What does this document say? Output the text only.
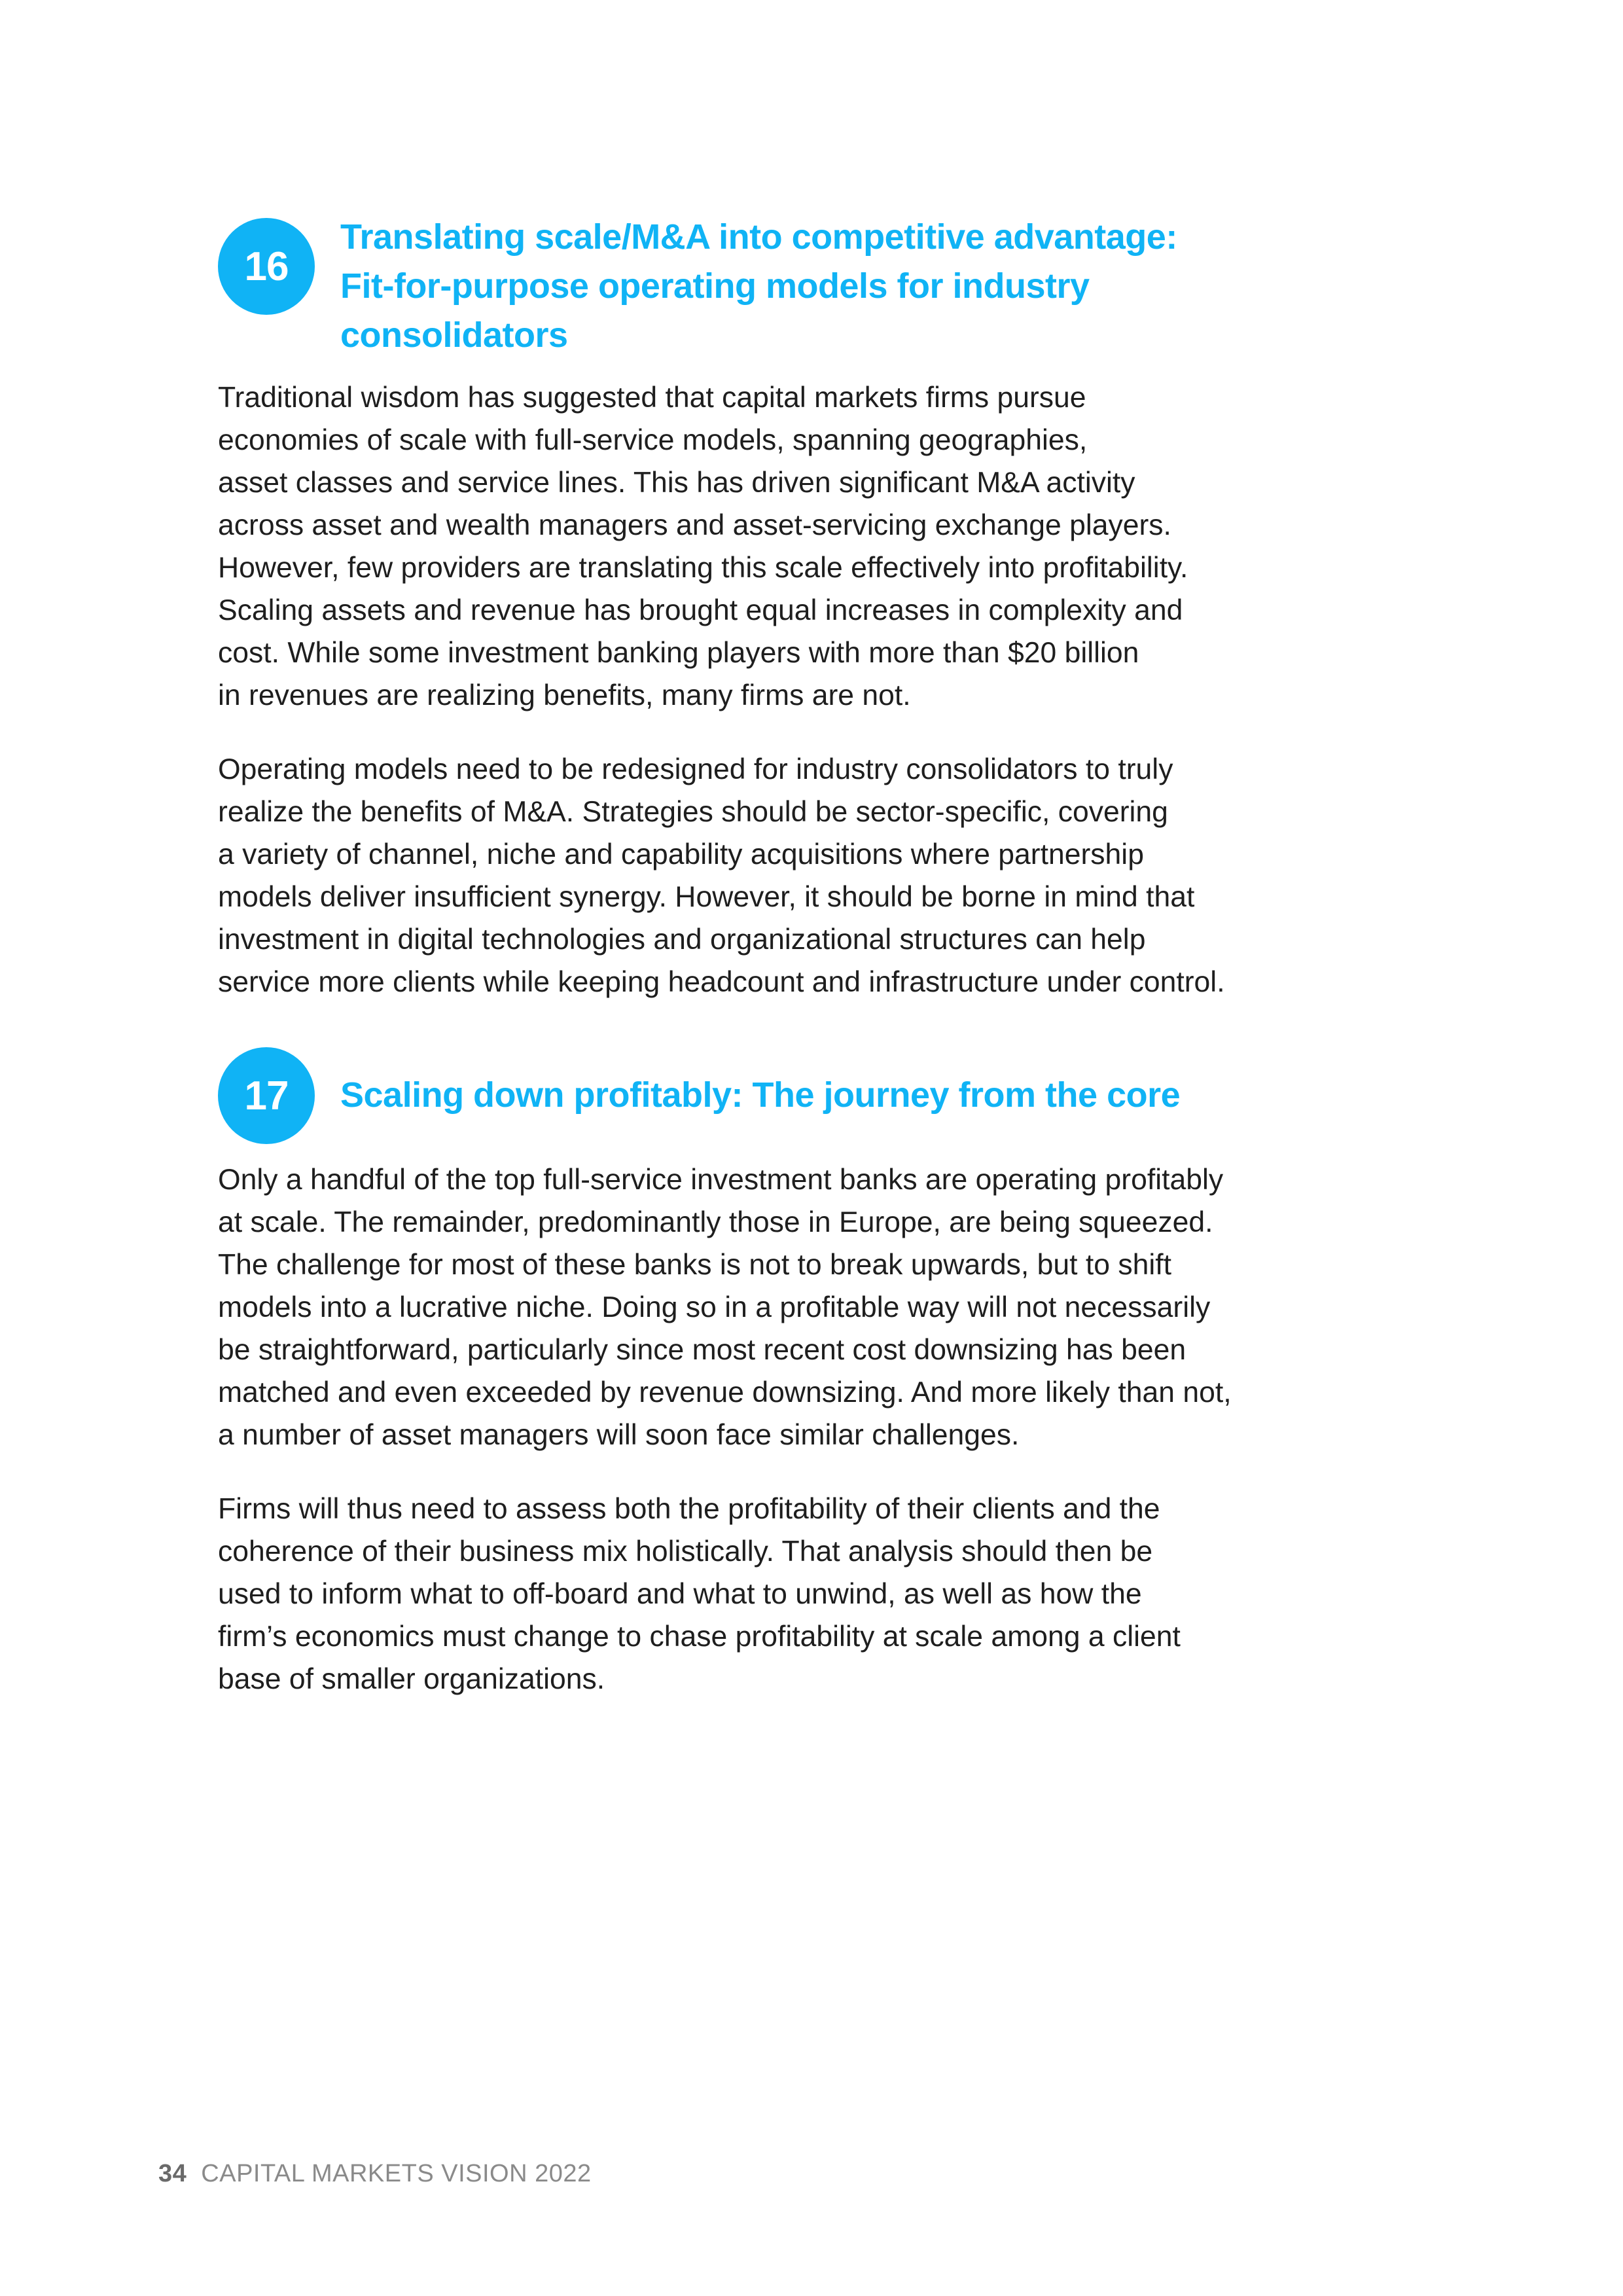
16
Translating scale/M&A into competitive advantage:
Fit-for-purpose operating models for industry
consolidators
Traditional wisdom has suggested that capital markets firms pursue
economies of scale with full-service models, spanning geographies,
asset classes and service lines. This has driven significant M&A activity
across asset and wealth managers and asset-servicing exchange players.
However, few providers are translating this scale effectively into profitability.
Scaling assets and revenue has brought equal increases in complexity and
cost. While some investment banking players with more than $20 billion
in revenues are realizing benefits, many firms are not.
Operating models need to be redesigned for industry consolidators to truly
realize the benefits of M&A. Strategies should be sector-specific, covering
a variety of channel, niche and capability acquisitions where partnership
models deliver insufficient synergy. However, it should be borne in mind that
investment in digital technologies and organizational structures can help
service more clients while keeping headcount and infrastructure under control.
17	Scaling down profitably: The journey from the core
Only a handful of the top full-service investment banks are operating profitably
at scale. The remainder, predominantly those in Europe, are being squeezed.
The challenge for most of these banks is not to break upwards, but to shift
models into a lucrative niche. Doing so in a profitable way will not necessarily
be straightforward, particularly since most recent cost downsizing has been
matched and even exceeded by revenue downsizing. And more likely than not,
a number of asset managers will soon face similar challenges.
Firms will thus need to assess both the profitability of their clients and the
coherence of their business mix holistically. That analysis should then be
used to inform what to off-board and what to unwind, as well as how the
firm’s economics must change to chase profitability at scale among a client
base of smaller organizations.
34 CAPITAL MARKETS VISION 2022
